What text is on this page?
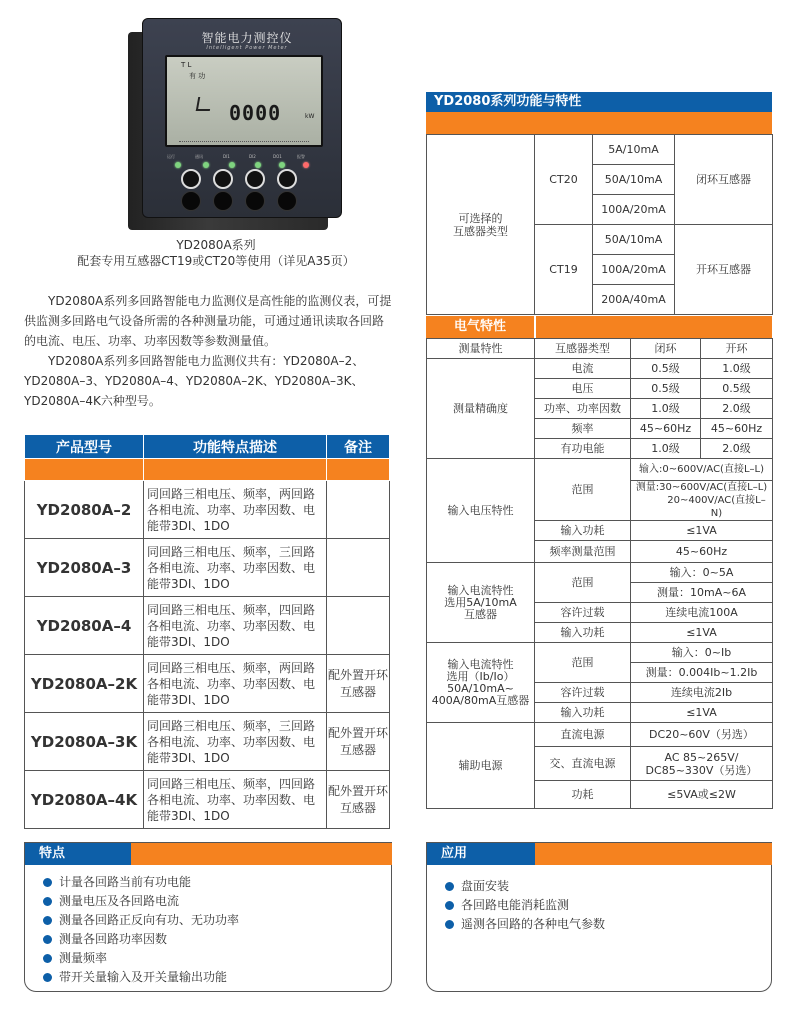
智能电力测控仪
Intelligent Power Meter
T L
有 功
0000	kW
运行	通讯	DI1	DI2	DO1	报警
YD2080A系列
配套专用互感器CT19或CT20等使用（详见A35页）

YD2080A系列多回路智能电力监测仪是高性能的监测仪表，可提供监测多回路电气设备所需的各种测量功能，可通过通讯读取各回路的电流、电压、功率、功率因数等参数测量值。

YD2080A系列多回路智能电力监测仪共有：YD2080A–2、YD2080A–3、YD2080A–4、YD2080A–2K、YD2080A–3K、YD2080A–4K六种型号。

产品型号	功能特点描述	备注

YD2080A–2	同回路三相电压、频率，两回路各相电流、功率、功率因数、电能带3DI、1DO	
YD2080A–3	同回路三相电压、频率，三回路各相电流、功率、功率因数、电能带3DI、1DO	
YD2080A–4	同回路三相电压、频率，四回路各相电流、功率、功率因数、电能带3DI、1DO	
YD2080A–2K	同回路三相电压、频率，两回路各相电流、功率、功率因数、电能带3DI、1DO	配外置开环互感器
YD2080A–3K	同回路三相电压、频率，三回路各相电流、功率、功率因数、电能带3DI、1DO	配外置开环互感器
YD2080A–4K	同回路三相电压、频率，四回路各相电流、功率、功率因数、电能带3DI、1DO	配外置开环互感器
YD2080系列功能与特性
可选择的
互感器类型	CT20	5A/10mA	闭环互感器
		50A/10mA	
		100A/20mA	
	CT19	50A/10mA	开环互感器
		100A/20mA	
		200A/40mA	
电气特性
测量特性	互感器类型	闭环	开环
测量精确度	电流	0.5级	1.0级
	电压	0.5级	0.5级
	功率、功率因数	1.0级	2.0级
	频率	45~60Hz	45~60Hz
	有功电能	1.0级	2.0级
输入电压特性	范围	输入:0~600V/AC(直接L–L)	

		测量:30~600V/AC(直接L–L)
20~400V/AC(直接L–N)	

	输入功耗	≤1VA	
	频率测量范围	45~60Hz	
输入电流特性
选用5A/10mA
互感器	范围	输入：0~5A	
		测量：10mA~6A	
	容许过载	连续电流100A	
	输入功耗	≤1VA	
输入电流特性
选用（Ib/Io）
50A/10mA~
400A/80mA互感器	范围	输入：0~Ib	
		测量：0.004Ib~1.2Ib	
	容许过载	连续电流2Ib	
	输入功耗	≤1VA	
辅助电源	直流电源	DC20~60V（另选）	
	交、直流电源	AC 85~265V/
DC85~330V（另选）	

	功耗	≤5VA或≤2W	
特点
计量各回路当前有功电能
测量电压及各回路电流
测量各回路正反向有功、无功功率
测量各回路功率因数
测量频率
带开关量输入及开关量输出功能
应用
盘面安装
各回路电能消耗监测
遥测各回路的各种电气参数
